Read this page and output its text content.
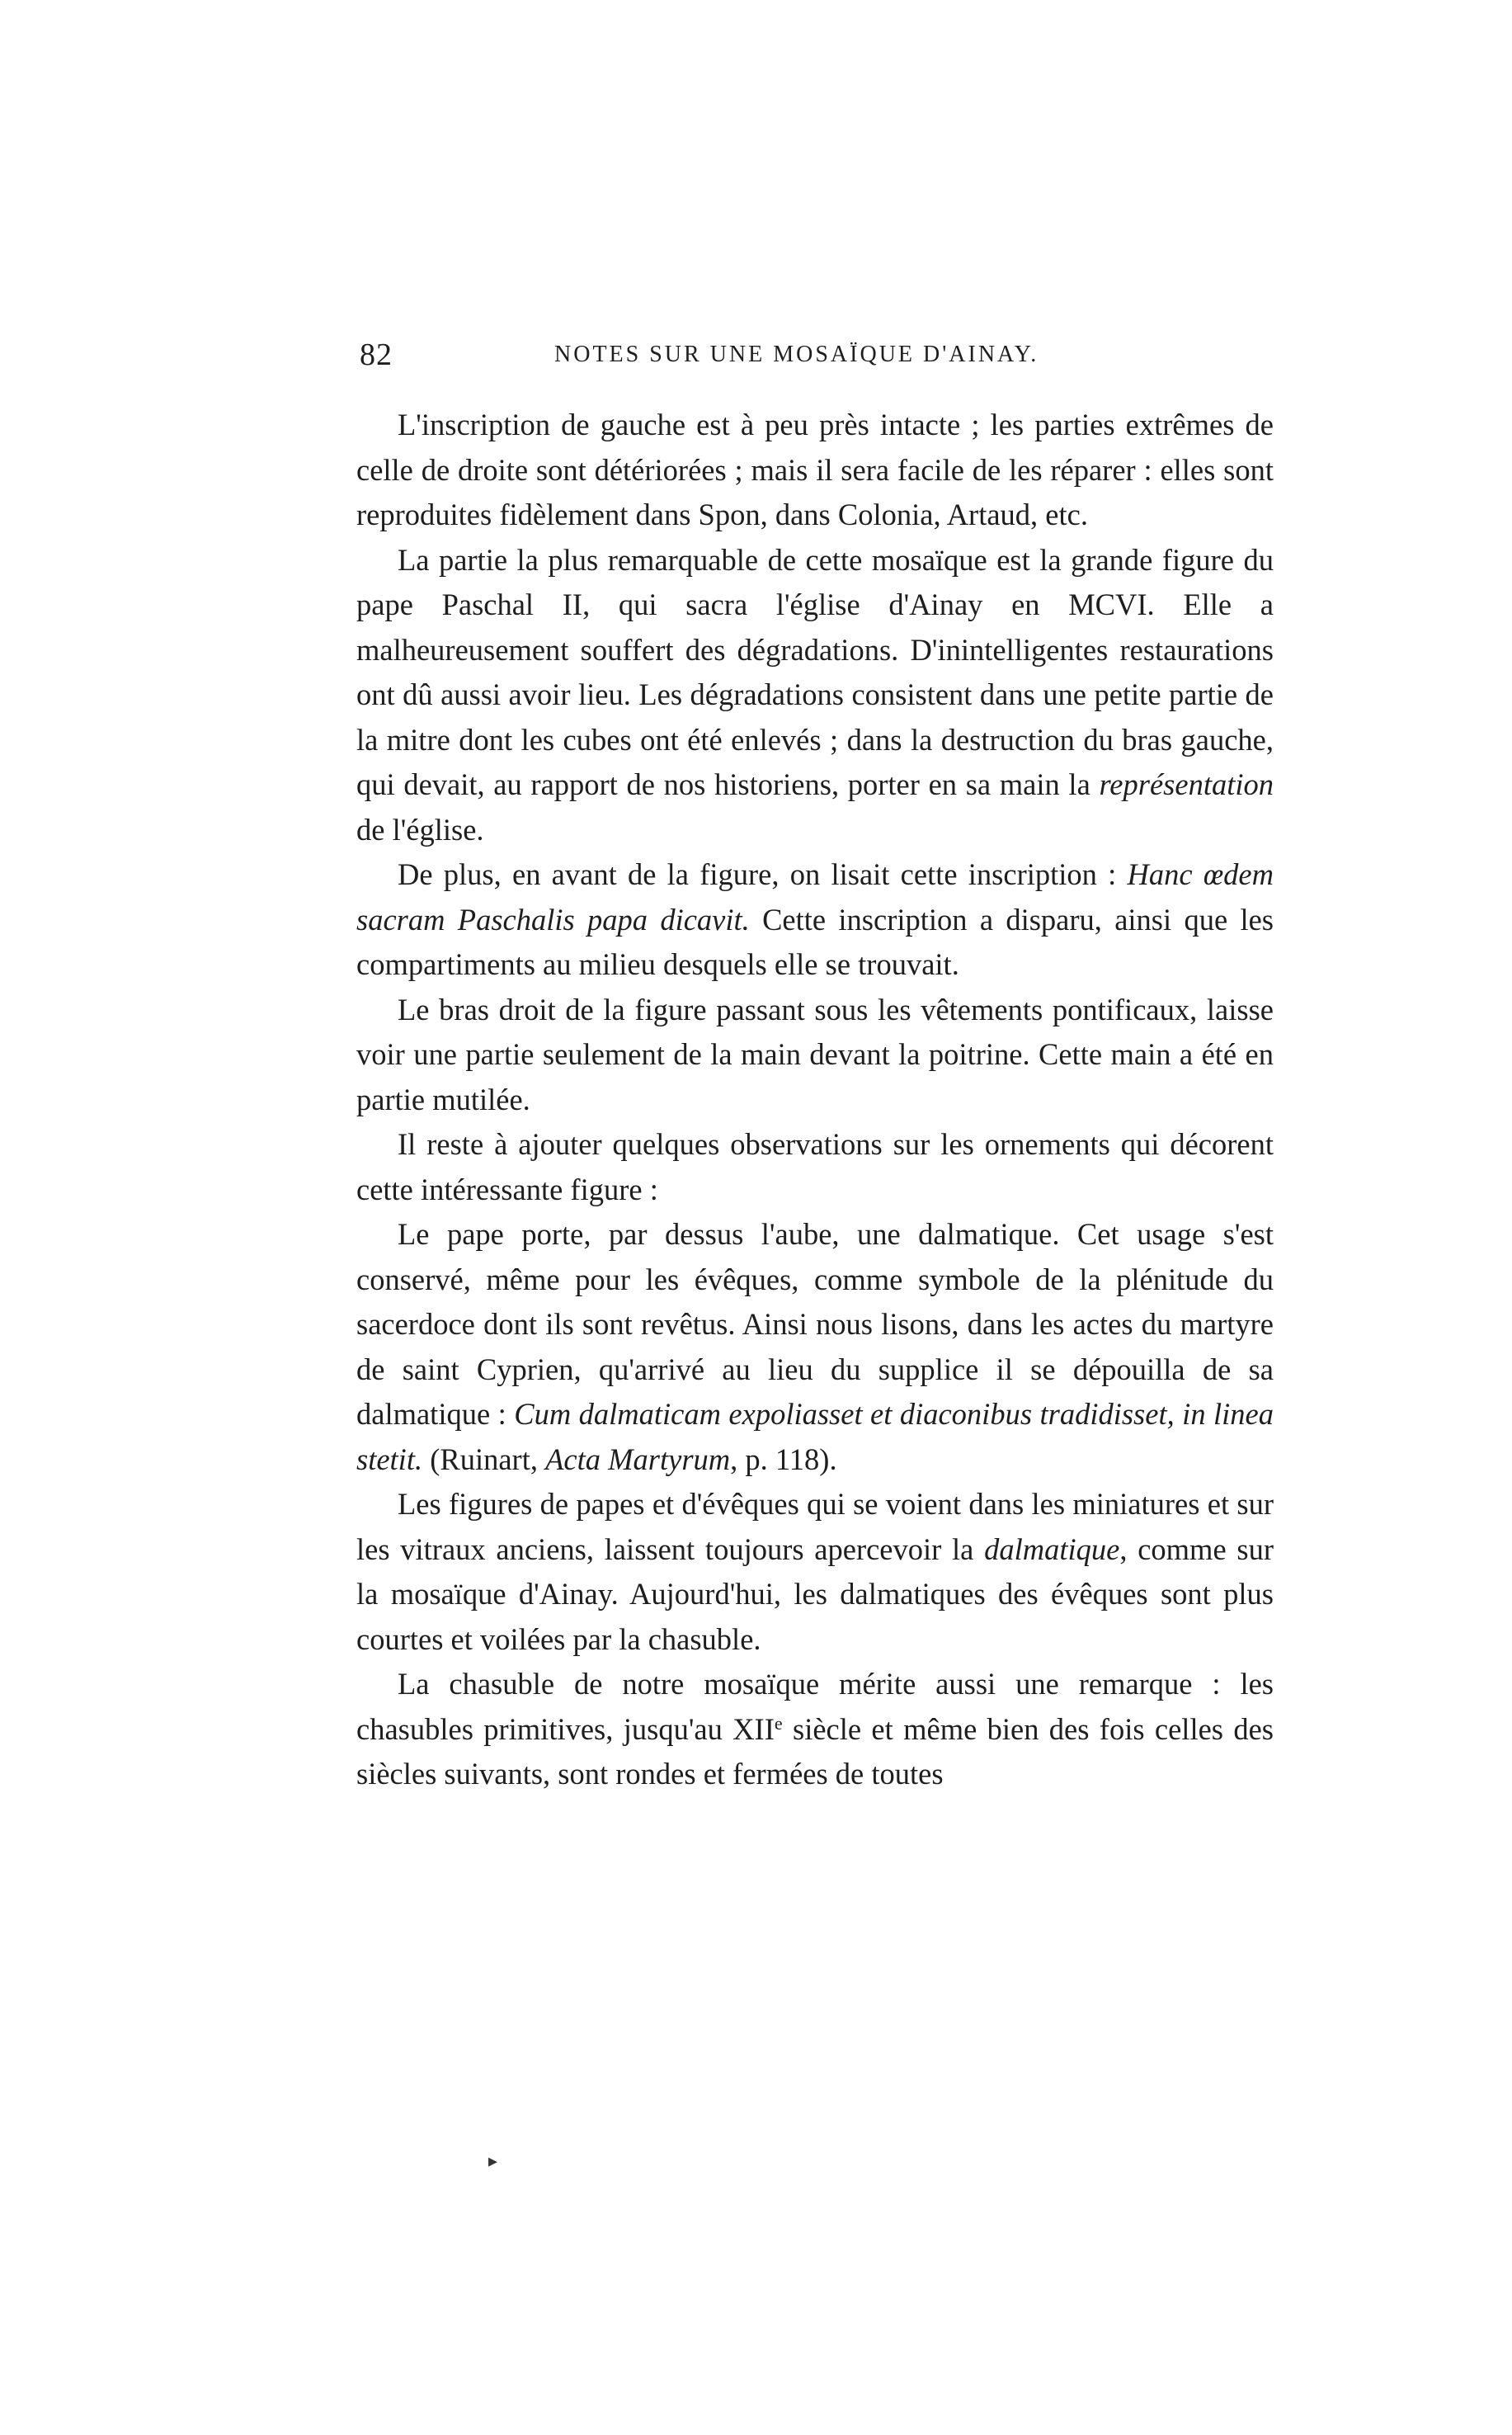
82	NOTES SUR UNE MOSAÏQUE D'AINAY.

L'inscription de gauche est à peu près intacte ; les parties extrêmes de celle de droite sont détériorées ; mais il sera facile de les réparer : elles sont reproduites fidèlement dans Spon, dans Colonia, Artaud, etc.

La partie la plus remarquable de cette mosaïque est la grande figure du pape Paschal II, qui sacra l'église d'Ainay en MCVI. Elle a malheureusement souffert des dégradations. D'inintelligentes restaurations ont dû aussi avoir lieu. Les dégradations consistent dans une petite partie de la mitre dont les cubes ont été enlevés ; dans la destruction du bras gauche, qui devait, au rapport de nos historiens, porter en sa main la représentation de l'église.

De plus, en avant de la figure, on lisait cette inscription : Hanc œdem sacram Paschalis papa dicavit. Cette inscription a disparu, ainsi que les compartiments au milieu desquels elle se trouvait.

Le bras droit de la figure passant sous les vêtements pontificaux, laisse voir une partie seulement de la main devant la poitrine. Cette main a été en partie mutilée.

Il reste à ajouter quelques observations sur les ornements qui décorent cette intéressante figure :

Le pape porte, par dessus l'aube, une dalmatique. Cet usage s'est conservé, même pour les évêques, comme symbole de la plénitude du sacerdoce dont ils sont revêtus. Ainsi nous lisons, dans les actes du martyre de saint Cyprien, qu'arrivé au lieu du supplice il se dépouilla de sa dalmatique : Cum dalmaticam expoliasset et diaconibus tradidisset, in linea stetit. (Ruinart, Acta Martyrum, p. 118).

Les figures de papes et d'évêques qui se voient dans les miniatures et sur les vitraux anciens, laissent toujours apercevoir la dalmatique, comme sur la mosaïque d'Ainay. Aujourd'hui, les dalmatiques des évêques sont plus courtes et voilées par la chasuble.

La chasuble de notre mosaïque mérite aussi une remarque : les chasubles primitives, jusqu'au XIIe siècle et même bien des fois celles des siècles suivants, sont rondes et fermées de toutes

▸
